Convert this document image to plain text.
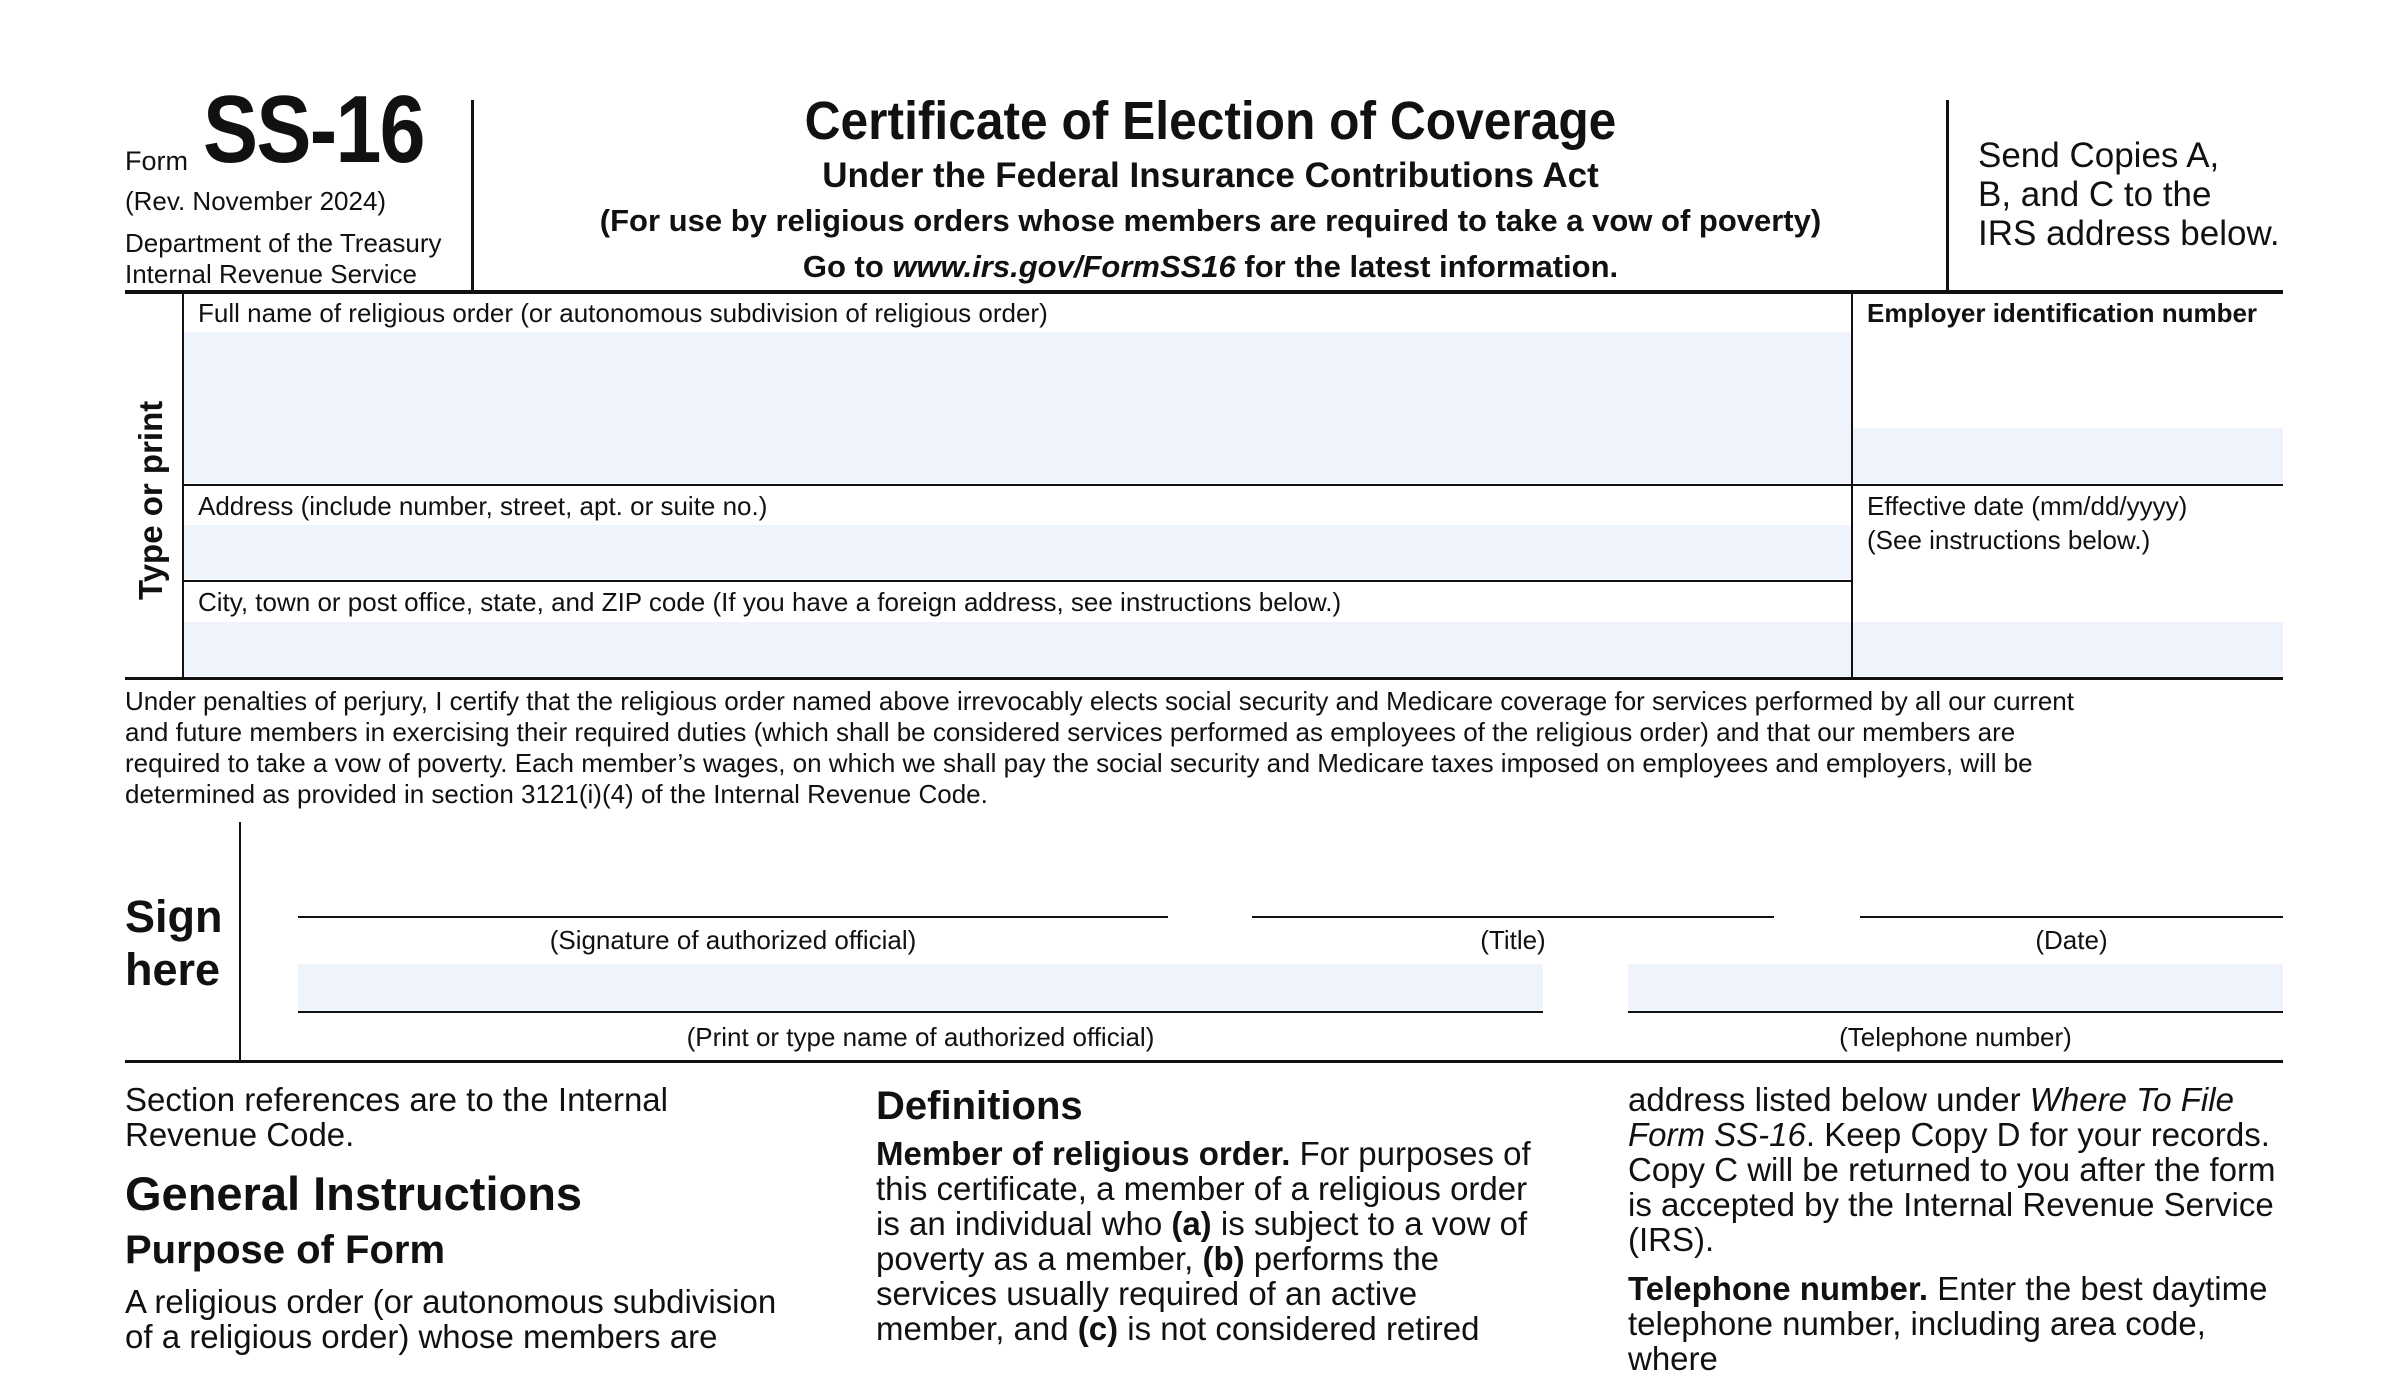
Form SS-16
(Rev. November 2024)
Department of the Treasury
Internal Revenue Service
Certificate of Election of Coverage
Under the Federal Insurance Contributions Act
(For use by religious orders whose members are required to take a vow of poverty)
Go to www.irs.gov/FormSS16 for the latest information.
Send Copies A,
B, and C to the
IRS address below.
Type or print
Full name of religious order (or autonomous subdivision of religious order)	Employer identification number
Address (include number, street, apt. or suite no.)	Effective date (mm/dd/yyyy)
(See instructions below.)
City, town or post office, state, and ZIP code (If you have a foreign address, see instructions below.)
Under penalties of perjury, I certify that the religious order named above irrevocably elects social security and Medicare coverage for services performed by all our current
and future members in exercising their required duties (which shall be considered services performed as employees of the religious order) and that our members are
required to take a vow of poverty. Each member’s wages, on which we shall pay the social security and Medicare taxes imposed on employees and employers, will be
determined as provided in section 3121(i)(4) of the Internal Revenue Code.
Sign
here
(Signature of authorized official)	(Title)	(Date)
(Print or type name of authorized official)	(Telephone number)

Section references are to the Internal Revenue Code.

General Instructions
Purpose of Form

A religious order (or autonomous subdivision of a religious order) whose members are

Definitions

Member of religious order. For purposes of this certificate, a member of a religious order is an individual who (a) is subject to a vow of poverty as a member, (b) performs the services usually required of an active member, and (c) is not considered retired

address listed below under Where To File Form SS-16. Keep Copy D for your records. Copy C will be returned to you after the form is accepted by the Internal Revenue Service (IRS).

Telephone number. Enter the best daytime telephone number, including area code, where
